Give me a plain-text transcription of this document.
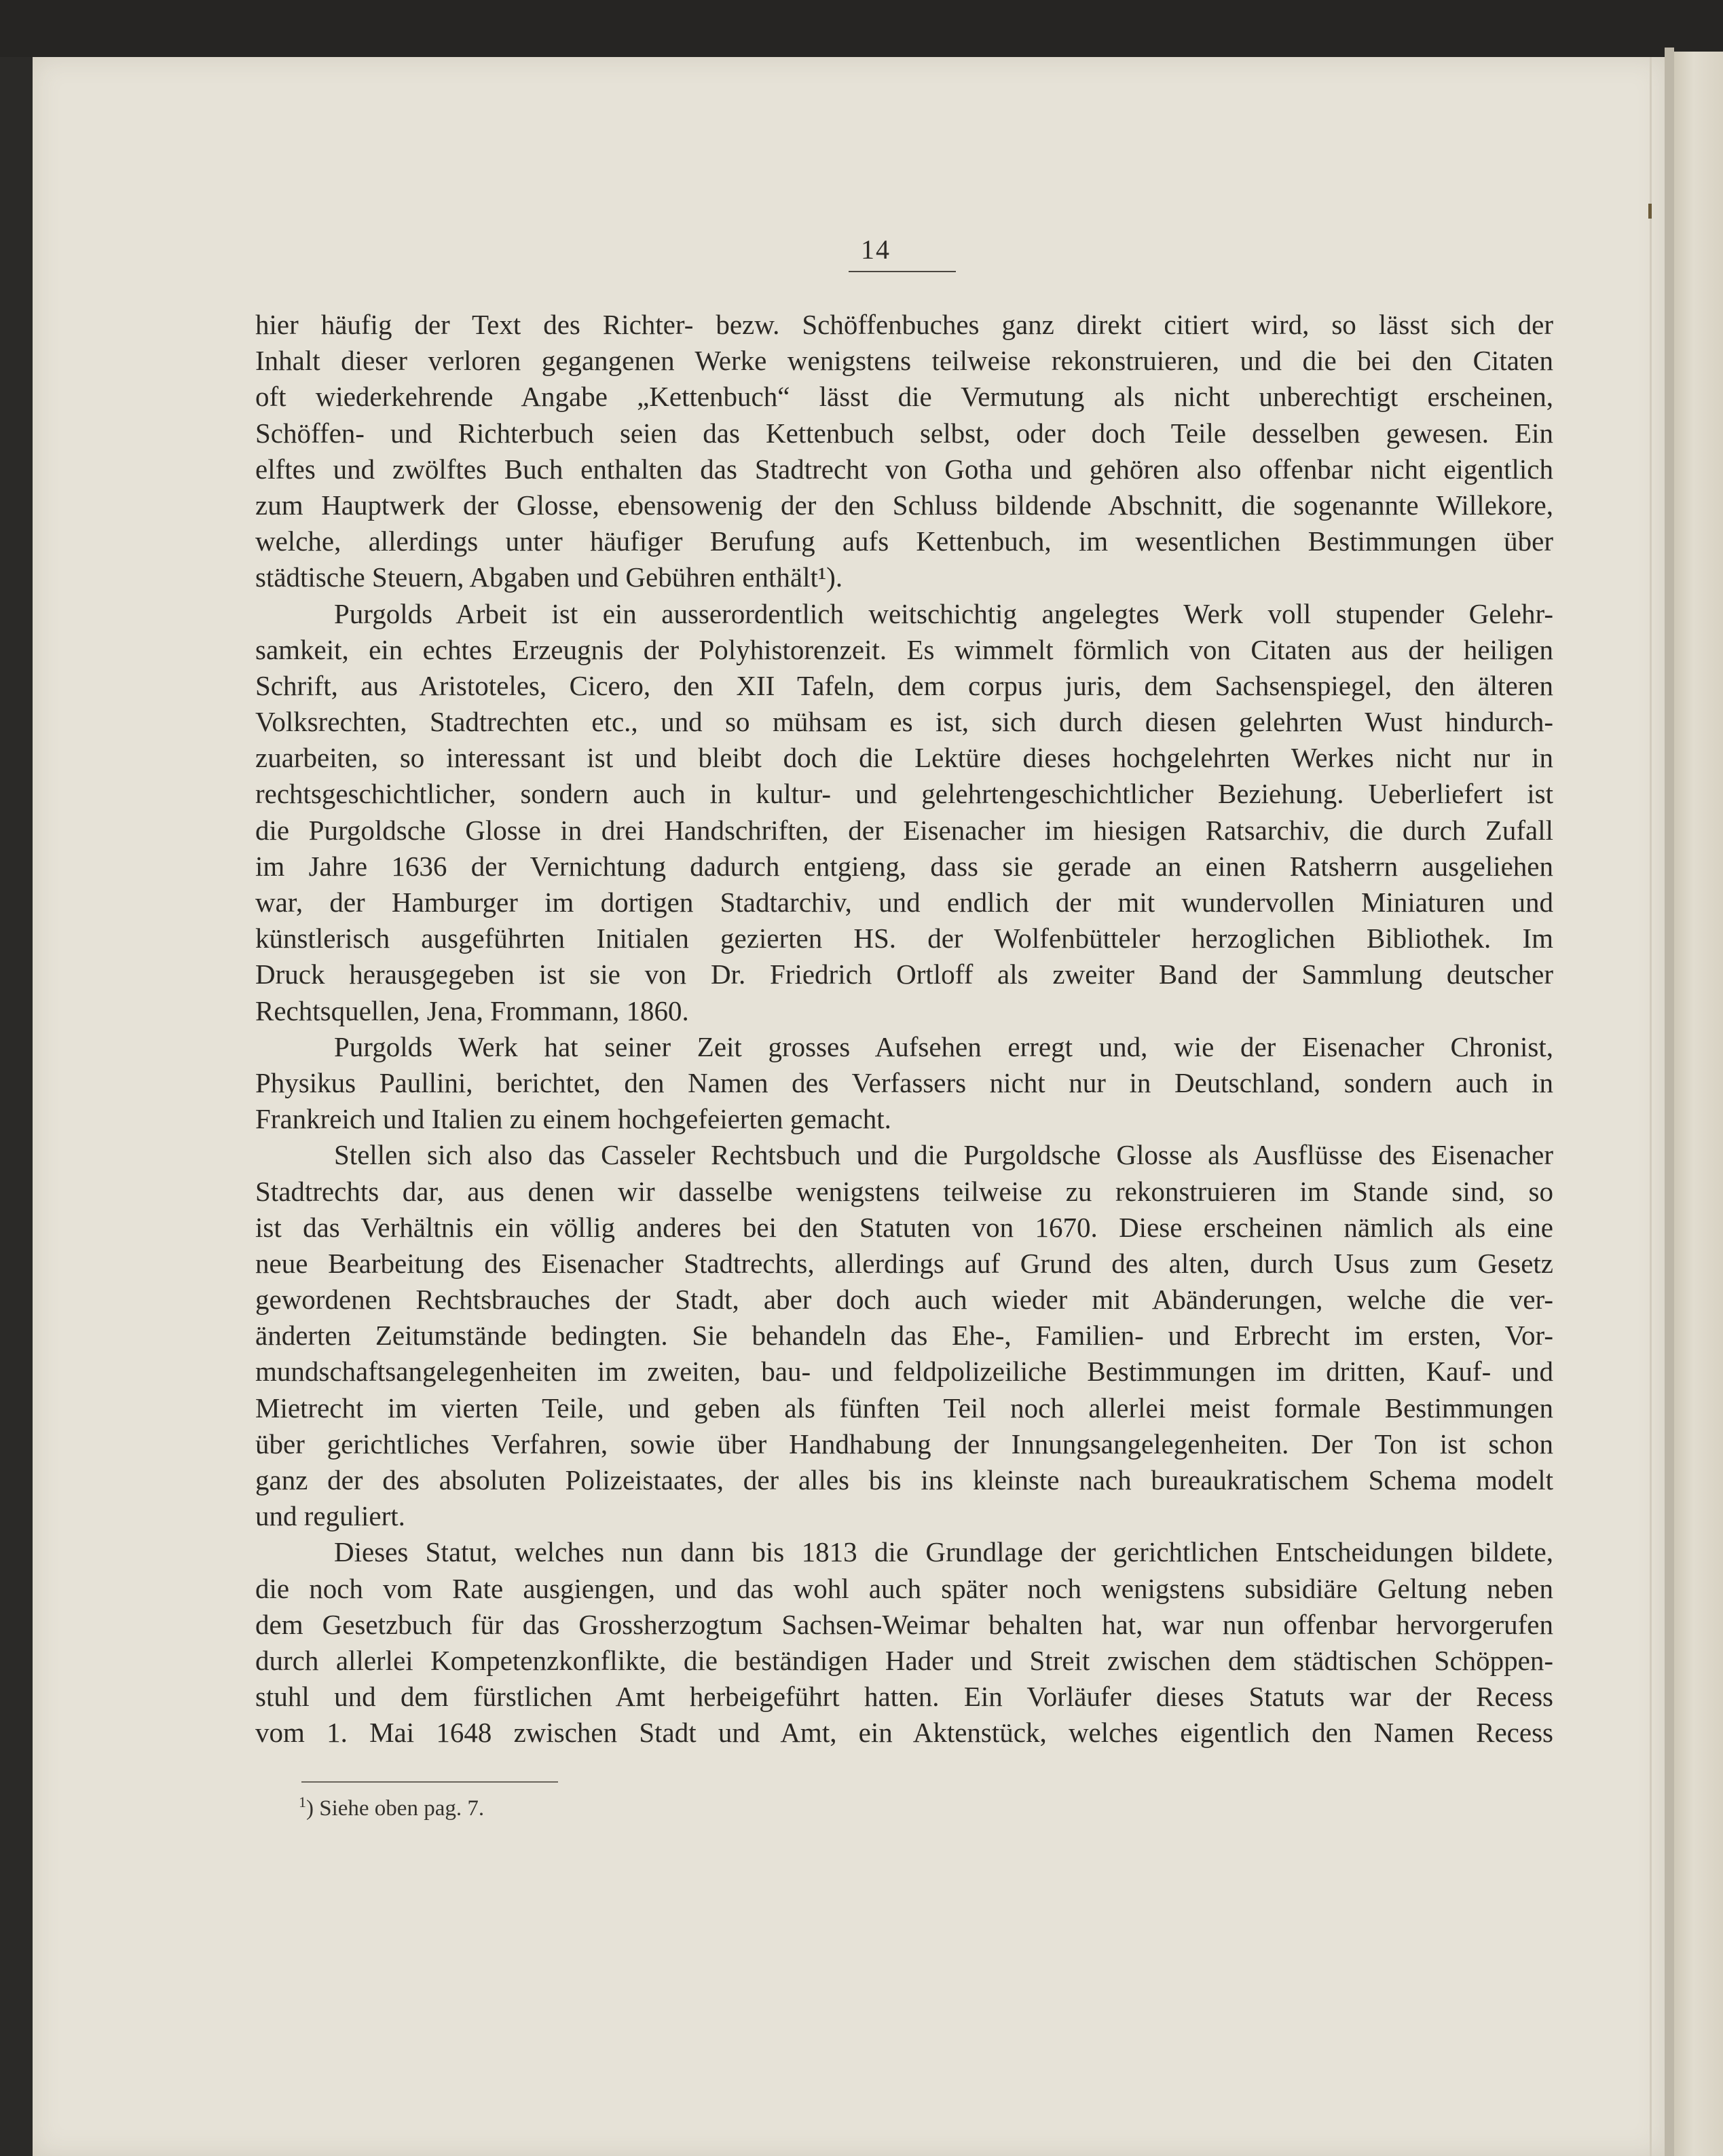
14
hier häufig der Text des Richter- bezw. Schöffenbuches ganz direkt citiert wird, so lässt sich der
Inhalt dieser verloren gegangenen Werke wenigstens teilweise rekonstruieren, und die bei den Citaten
oft wiederkehrende Angabe „Kettenbuch“ lässt die Vermutung als nicht unberechtigt erscheinen,
Schöffen- und Richterbuch seien das Kettenbuch selbst, oder doch Teile desselben gewesen. Ein
elftes und zwölftes Buch enthalten das Stadtrecht von Gotha und gehören also offenbar nicht eigentlich
zum Hauptwerk der Glosse, ebensowenig der den Schluss bildende Abschnitt, die sogenannte Willekore,
welche, allerdings unter häufiger Berufung aufs Kettenbuch, im wesentlichen Bestimmungen über
städtische Steuern, Abgaben und Gebühren enthält¹).
Purgolds Arbeit ist ein ausserordentlich weitschichtig angelegtes Werk voll stupender Gelehr-
samkeit, ein echtes Erzeugnis der Polyhistorenzeit. Es wimmelt förmlich von Citaten aus der heiligen
Schrift, aus Aristoteles, Cicero, den XII Tafeln, dem corpus juris, dem Sachsenspiegel, den älteren
Volksrechten, Stadtrechten etc., und so mühsam es ist, sich durch diesen gelehrten Wust hindurch-
zuarbeiten, so interessant ist und bleibt doch die Lektüre dieses hochgelehrten Werkes nicht nur in
rechtsgeschichtlicher, sondern auch in kultur- und gelehrtengeschichtlicher Beziehung. Ueberliefert ist
die Purgoldsche Glosse in drei Handschriften, der Eisenacher im hiesigen Ratsarchiv, die durch Zufall
im Jahre 1636 der Vernichtung dadurch entgieng, dass sie gerade an einen Ratsherrn ausgeliehen
war, der Hamburger im dortigen Stadtarchiv, und endlich der mit wundervollen Miniaturen und
künstlerisch ausgeführten Initialen gezierten HS. der Wolfenbütteler herzoglichen Bibliothek. Im
Druck herausgegeben ist sie von Dr. Friedrich Ortloff als zweiter Band der Sammlung deutscher
Rechtsquellen, Jena, Frommann, 1860.
Purgolds Werk hat seiner Zeit grosses Aufsehen erregt und, wie der Eisenacher Chronist,
Physikus Paullini, berichtet, den Namen des Verfassers nicht nur in Deutschland, sondern auch in
Frankreich und Italien zu einem hochgefeierten gemacht.
Stellen sich also das Casseler Rechtsbuch und die Purgoldsche Glosse als Ausflüsse des Eisenacher
Stadtrechts dar, aus denen wir dasselbe wenigstens teilweise zu rekonstruieren im Stande sind, so
ist das Verhältnis ein völlig anderes bei den Statuten von 1670. Diese erscheinen nämlich als eine
neue Bearbeitung des Eisenacher Stadtrechts, allerdings auf Grund des alten, durch Usus zum Gesetz
gewordenen Rechtsbrauches der Stadt, aber doch auch wieder mit Abänderungen, welche die ver-
änderten Zeitumstände bedingten. Sie behandeln das Ehe-, Familien- und Erbrecht im ersten, Vor-
mundschaftsangelegenheiten im zweiten, bau- und feldpolizeiliche Bestimmungen im dritten, Kauf- und
Mietrecht im vierten Teile, und geben als fünften Teil noch allerlei meist formale Bestimmungen
über gerichtliches Verfahren, sowie über Handhabung der Innungsangelegenheiten. Der Ton ist schon
ganz der des absoluten Polizeistaates, der alles bis ins kleinste nach bureaukratischem Schema modelt
und reguliert.
Dieses Statut, welches nun dann bis 1813 die Grundlage der gerichtlichen Entscheidungen bildete,
die noch vom Rate ausgiengen, und das wohl auch später noch wenigstens subsidiäre Geltung neben
dem Gesetzbuch für das Grossherzogtum Sachsen-Weimar behalten hat, war nun offenbar hervorgerufen
durch allerlei Kompetenzkonflikte, die beständigen Hader und Streit zwischen dem städtischen Schöppen-
stuhl und dem fürstlichen Amt herbeigeführt hatten. Ein Vorläufer dieses Statuts war der Recess
vom 1. Mai 1648 zwischen Stadt und Amt, ein Aktenstück, welches eigentlich den Namen Recess
$^1$) Siehe oben pag. 7.
